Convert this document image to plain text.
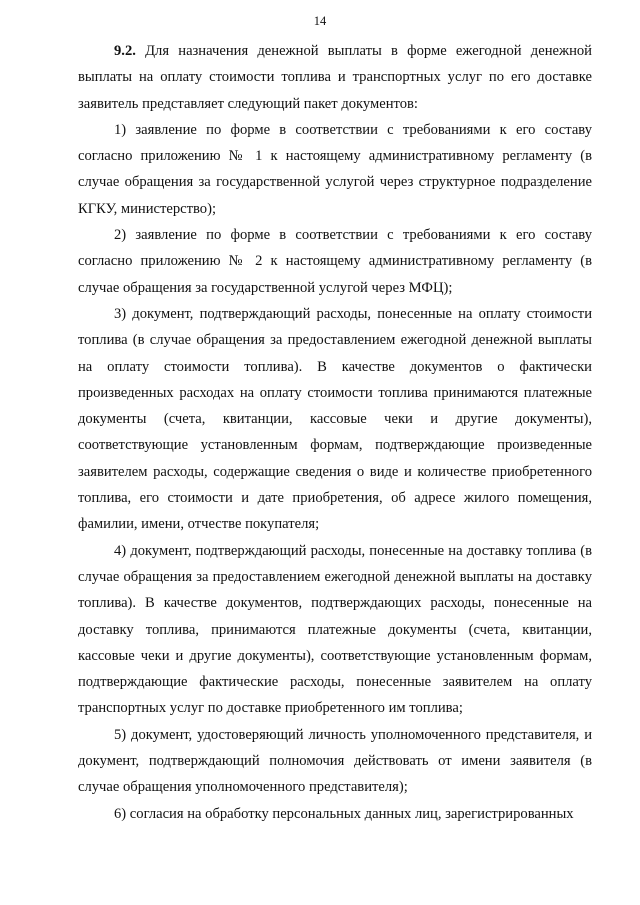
14

9.2. Для назначения денежной выплаты в форме ежегодной денежной выплаты на оплату стоимости топлива и транспортных услуг по его доставке заявитель представляет следующий пакет документов:

1) заявление по форме в соответствии с требованиями к его составу согласно приложению № 1 к настоящему административному регламенту (в случае обращения за государственной услугой через структурное подразделение КГКУ, министерство);

2) заявление по форме в соответствии с требованиями к его составу согласно приложению № 2 к настоящему административному регламенту (в случае обращения за государственной услугой через МФЦ);

3) документ, подтверждающий расходы, понесенные на оплату стоимости топлива (в случае обращения за предоставлением ежегодной денежной выплаты на оплату стоимости топлива). В качестве документов о фактически произведенных расходах на оплату стоимости топлива принимаются платежные документы (счета, квитанции, кассовые чеки и другие документы), соответствующие установленным формам, подтверждающие произведенные заявителем расходы, содержащие сведения о виде и количестве приобретенного топлива, его стоимости и дате приобретения, об адресе жилого помещения, фамилии, имени, отчестве покупателя;

4) документ, подтверждающий расходы, понесенные на доставку топлива (в случае обращения за предоставлением ежегодной денежной выплаты на доставку топлива). В качестве документов, подтверждающих расходы, понесенные на доставку топлива, принимаются платежные документы (счета, квитанции, кассовые чеки и другие документы), соответствующие установленным формам, подтверждающие фактические расходы, понесенные заявителем на оплату транспортных услуг по доставке приобретенного им топлива;

5) документ, удостоверяющий личность уполномоченного представителя, и документ, подтверждающий полномочия действовать от имени заявителя (в случае обращения уполномоченного представителя);

6) согласия на обработку персональных данных лиц, зарегистрированных
